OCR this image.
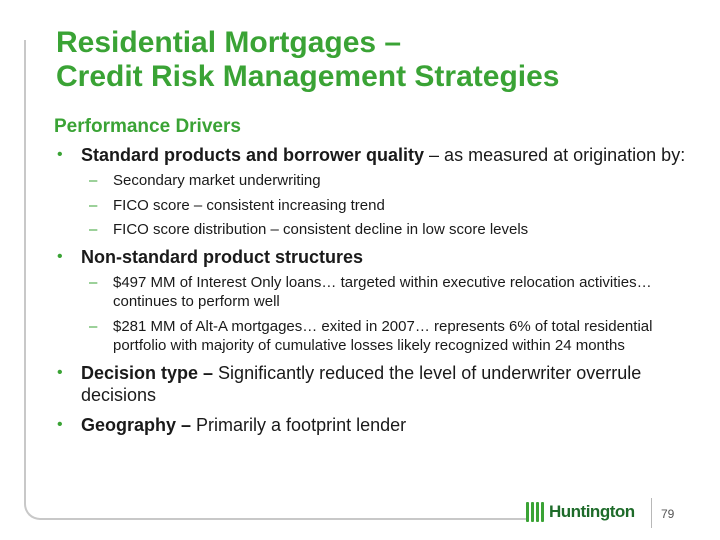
Residential Mortgages –
Credit Risk Management Strategies
Performance Drivers
• Standard products and borrower quality – as measured at origination by:
– Secondary market underwriting
– FICO score – consistent increasing trend
– FICO score distribution – consistent decline in low score levels
• Non-standard product structures
– $497 MM of Interest Only loans… targeted within executive relocation activities… continues to perform well
– $281 MM of Alt-A mortgages… exited in 2007… represents 6% of total residential portfolio with majority of cumulative losses likely recognized within 24 months
• Decision type – Significantly reduced the level of underwriter overrule decisions
• Geography – Primarily a footprint lender
Huntington 79
